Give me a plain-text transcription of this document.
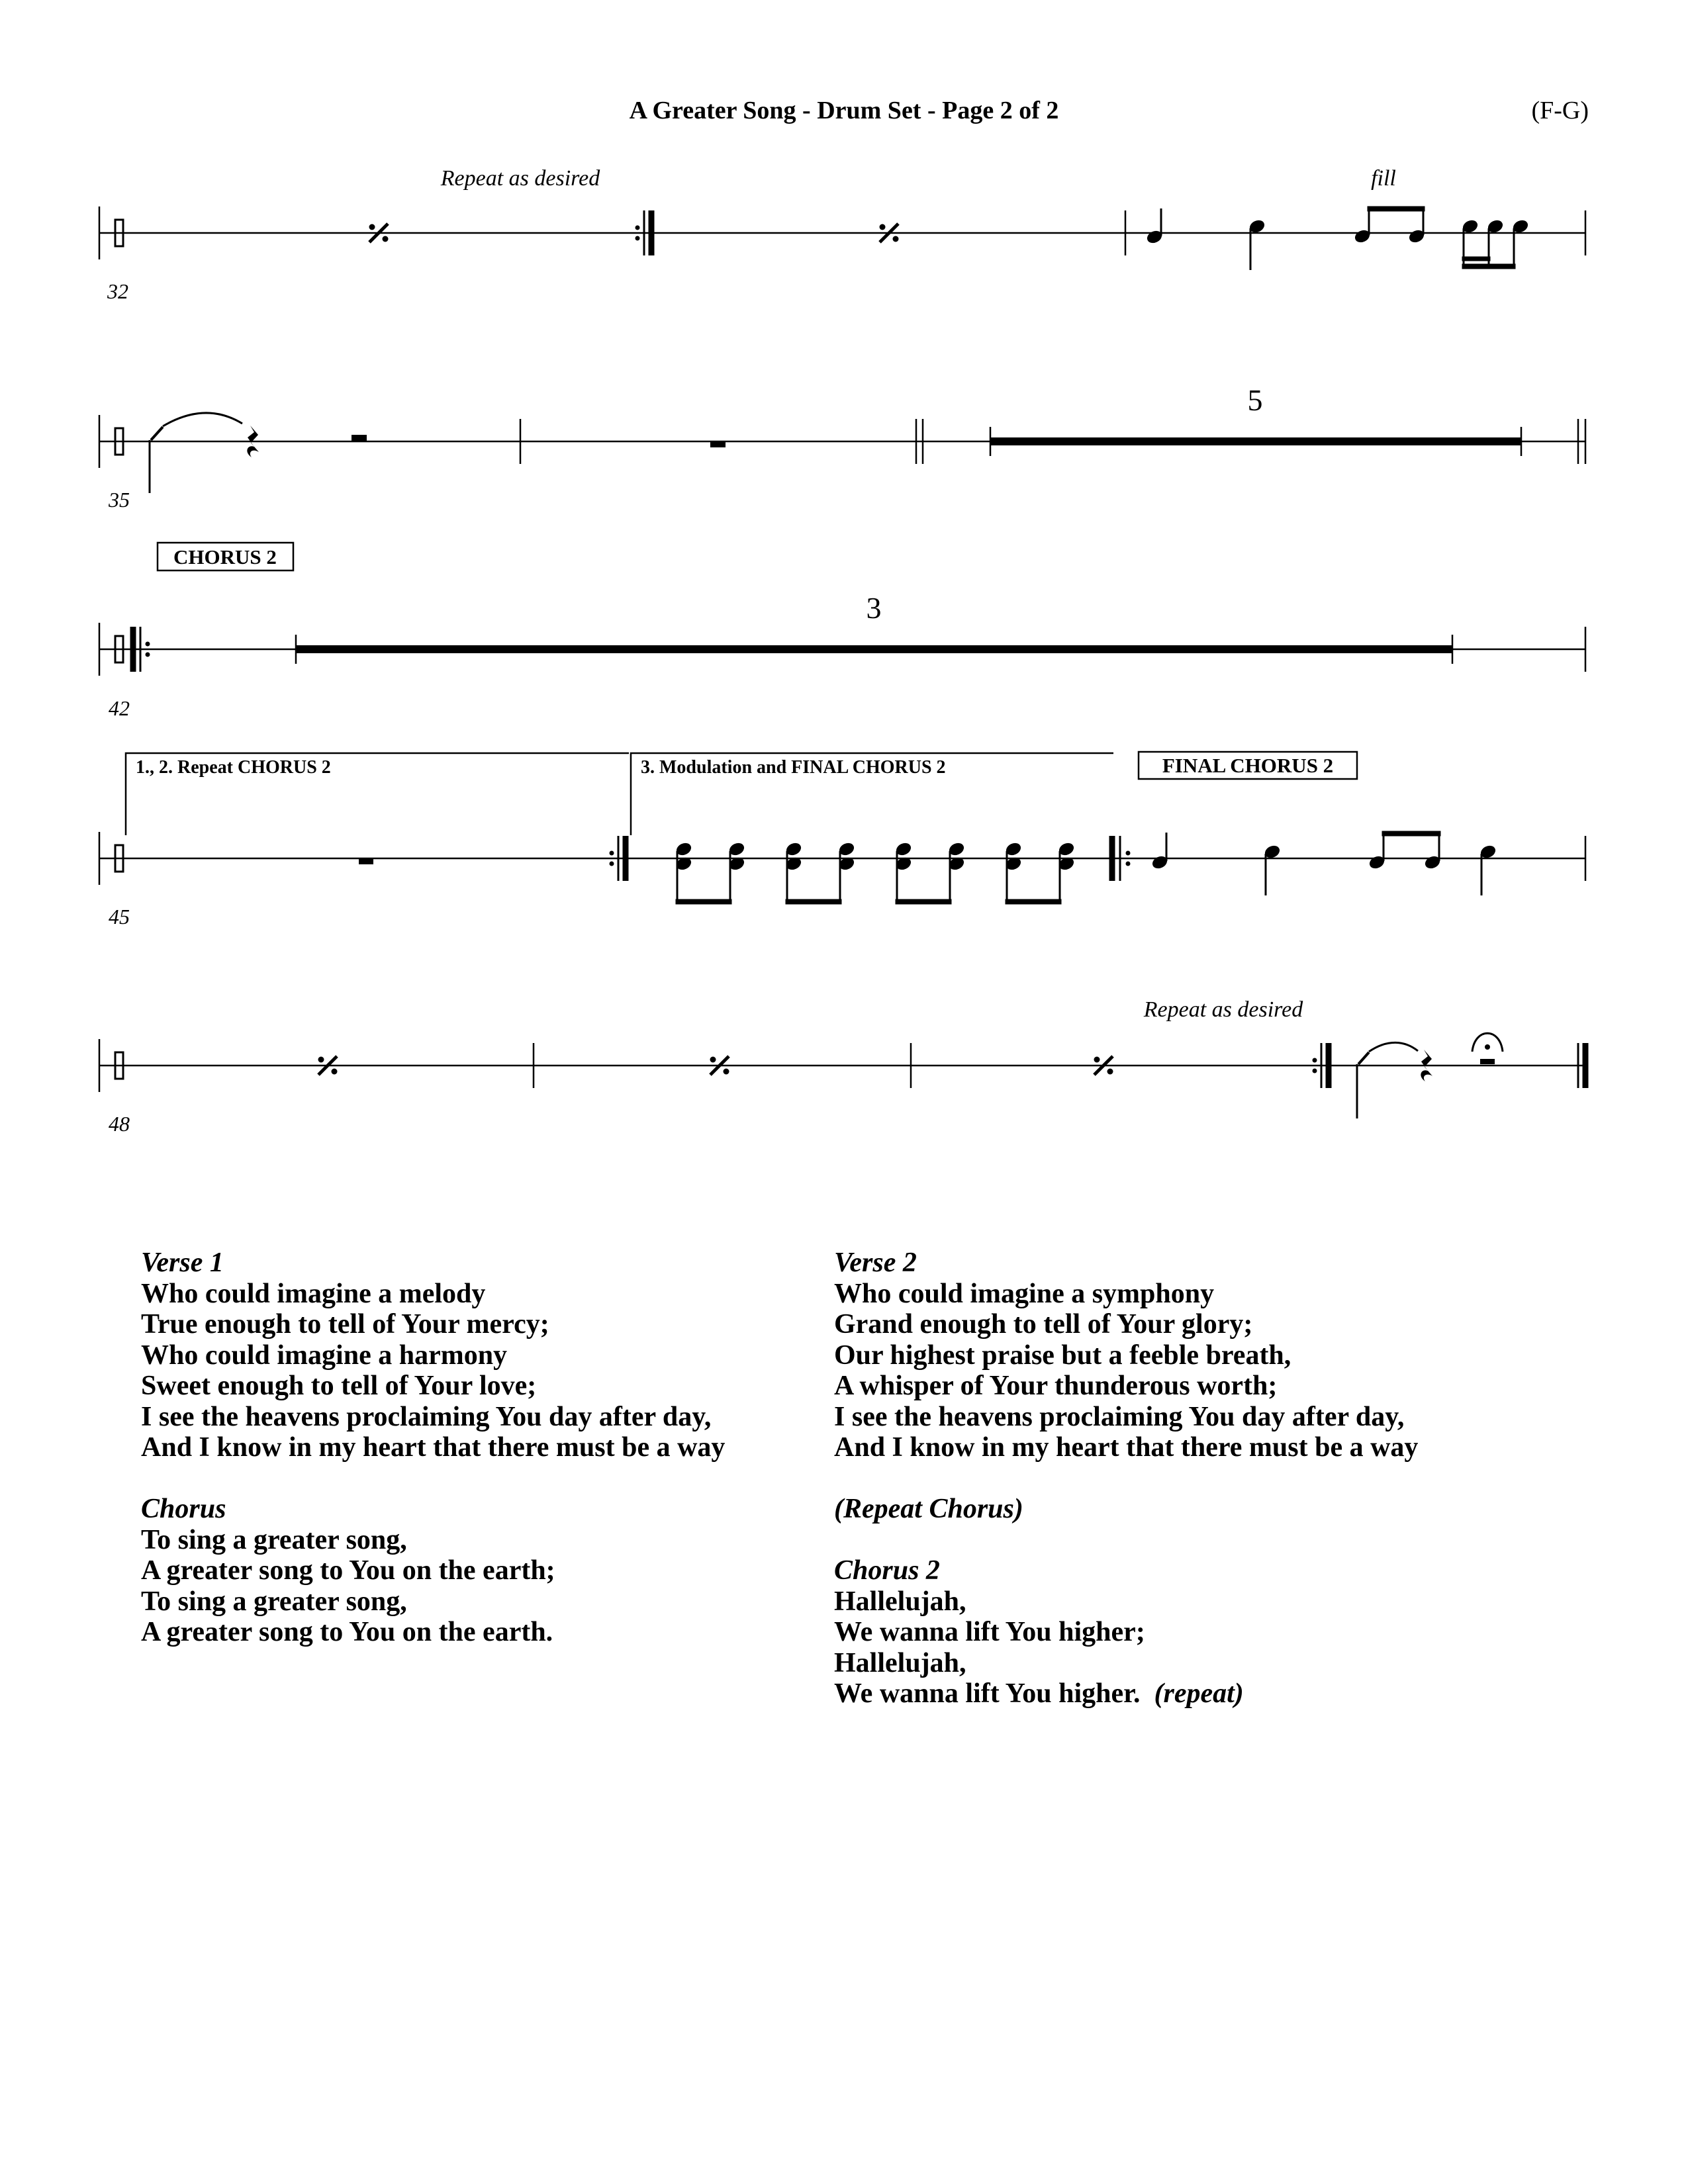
A Greater Song - Drum Set - Page 2 of 2	(F-G)
Repeat as desired	fill
32
5
35
CHORUS 2
3
42
1., 2. Repeat CHORUS 2	3. Modulation and FINAL CHORUS 2	FINAL CHORUS 2
45
Repeat as desired
48
Verse 1
Who could imagine a melody
True enough to tell of Your mercy;
Who could imagine a harmony
Sweet enough to tell of Your love;
I see the heavens proclaiming You day after day,
And I know in my heart that there must be a way
Chorus
To sing a greater song,
A greater song to You on the earth;
To sing a greater song,
A greater song to You on the earth.
Verse 2
Who could imagine a symphony
Grand enough to tell of Your glory;
Our highest praise but a feeble breath,
A whisper of Your thunderous worth;
I see the heavens proclaiming You day after day,
And I know in my heart that there must be a way
(Repeat Chorus)
Chorus 2
Hallelujah,
We wanna lift You higher;
Hallelujah,
We wanna lift You higher. (repeat)
